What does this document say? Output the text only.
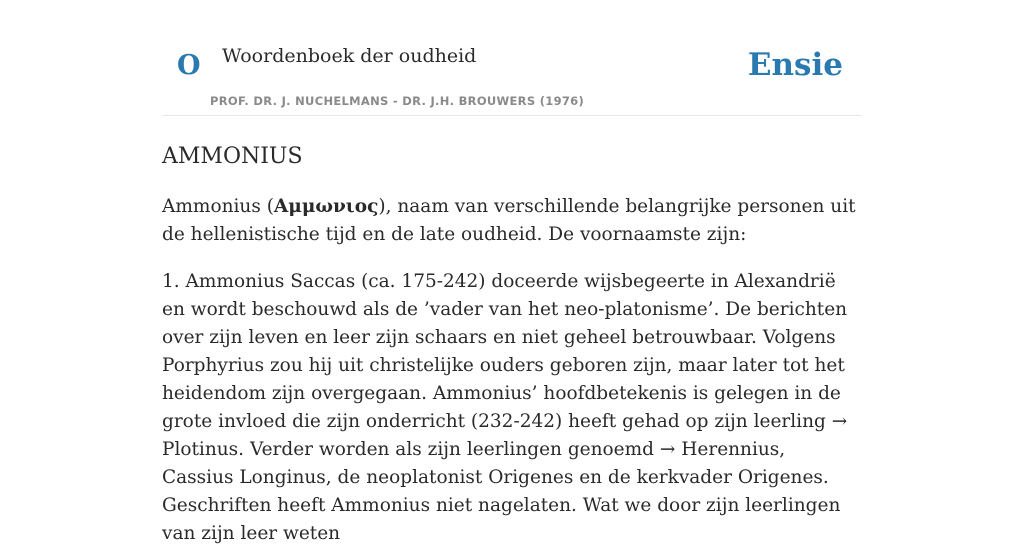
O Woordenboek der oudheid
PROF. DR. J. NUCHELMANS - DR. J.H. BROUWERS (1976)
Ensie
AMMONIUS

Ammonius (Αμμωνιος), naam van verschillende belangrijke personen uit de hellenistische tijd en de late oudheid. De voornaamste zijn:

1. Ammonius Saccas (ca. 175-242) doceerde wijsbegeerte in Alexandrië en wordt beschouwd als de ’vader van het neo-platonisme’. De berichten over zijn leven en leer zijn schaars en niet geheel betrouwbaar. Volgens Porphyrius zou hij uit christelijke ouders geboren zijn, maar later tot het heidendom zijn overgegaan. Ammonius’ hoofdbetekenis is gelegen in de grote invloed die zijn onderricht (232-242) heeft gehad op zijn leerling → Plotinus. Verder worden als zijn leerlingen genoemd → Herennius, Cassius Longinus, de neoplatonist Origenes en de kerkvader Origenes. Geschriften heeft Ammonius niet nagelaten. Wat we door zijn leerlingen van zijn leer weten
